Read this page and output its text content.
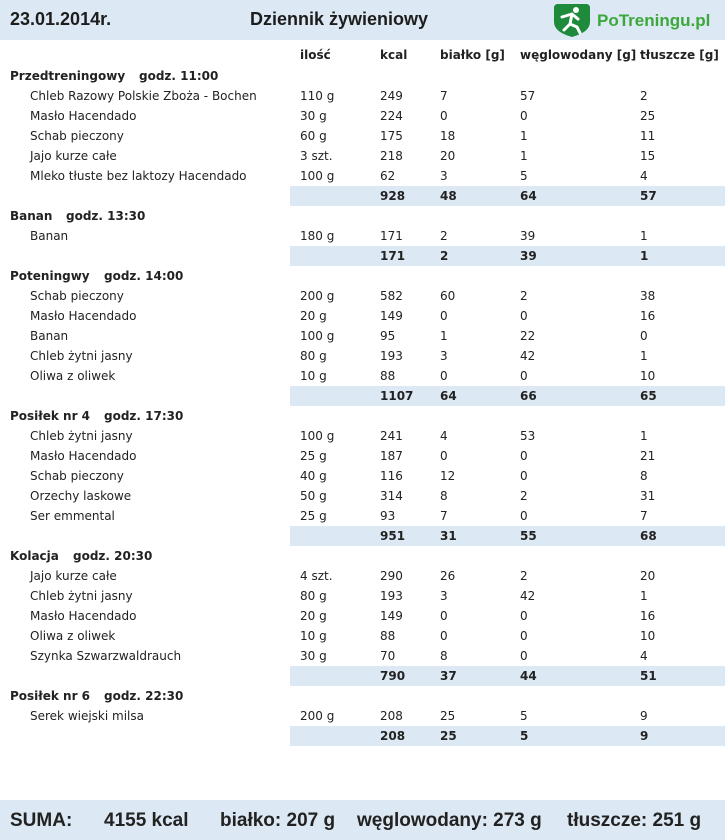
23.01.2014r.	Dziennik żywieniowy	PoTreningu.pl
ilość	kcal	białko [g] węglowodany [g] tłuszcze [g]
Przedtreningowy godz. 11:00
Chleb Razowy Polskie Zboża - Bochen	110 g	249	7	57	2
Masło Hacendado	30 g	224	0	0	25
Schab pieczony	60 g	175	18	1	11
Jajo kurze całe	3 szt.	218	20	1	15
Mleko tłuste bez laktozy Hacendado	100 g	62	3	5	4
928	48	64	57
Banan godz. 13:30
Banan	180 g	171	2	39	1
171	2	39	1
Poteningwy godz. 14:00
Schab pieczony	200 g	582	60	2	38
Masło Hacendado	20 g	149	0	0	16
Banan	100 g	95	1	22	0
Chleb żytni jasny	80 g	193	3	42	1
Oliwa z oliwek	10 g	88	0	0	10
1107 64	66	65
Posiłek nr 4 godz. 17:30
Chleb żytni jasny	100 g	241	4	53	1
Masło Hacendado	25 g	187	0	0	21
Schab pieczony	40 g	116	12	0	8
Orzechy laskowe	50 g	314	8	2	31
Ser emmental	25 g	93	7	0	7
951	31	55	68
Kolacja godz. 20:30
Jajo kurze całe	4 szt.	290	26	2	20
Chleb żytni jasny	80 g	193	3	42	1
Masło Hacendado	20 g	149	0	0	16
Oliwa z oliwek	10 g	88	0	0	10
Szynka Szwarzwaldrauch	30 g	70	8	0	4
790	37	44	51
Posiłek nr 6 godz. 22:30
Serek wiejski milsa	200 g	208	25	5	9
208	25	5	9
SUMA: 4155 kcal białko: 207 g węglowodany: 273 g tłuszcze: 251 g
